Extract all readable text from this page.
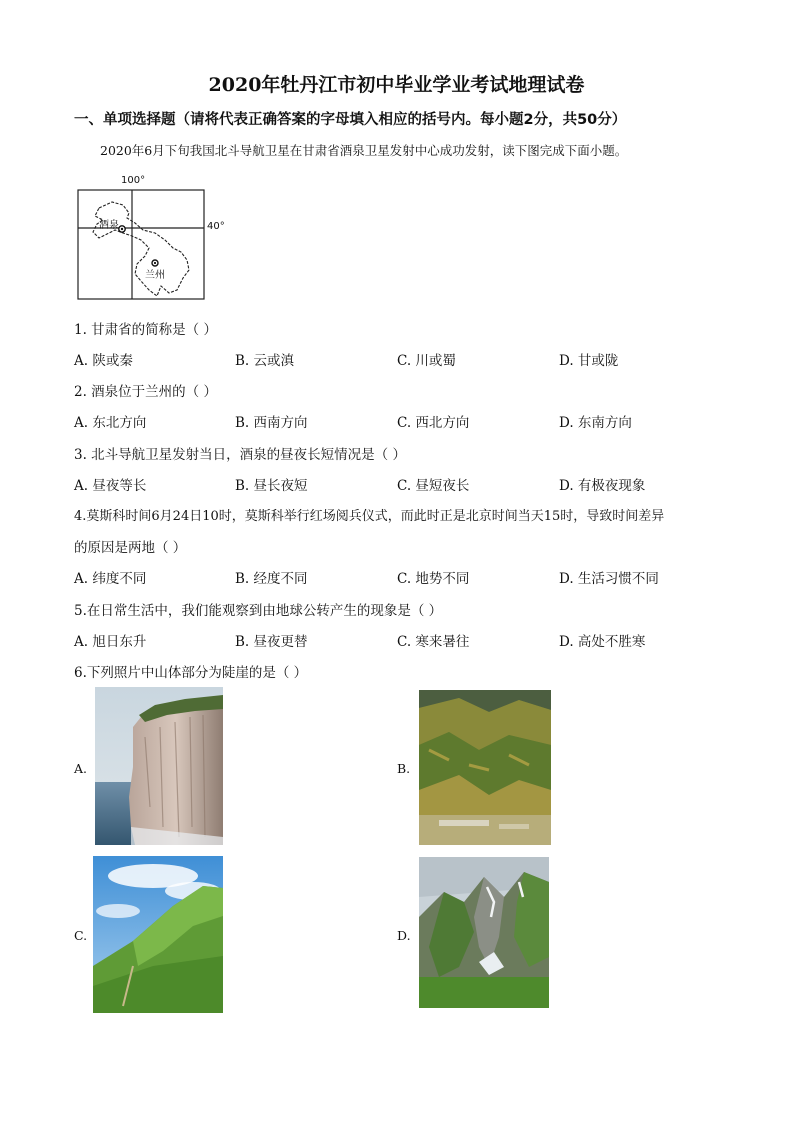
2020年牡丹江市初中毕业学业考试地理试卷
一、单项选择题（请将代表正确答案的字母填入相应的括号内。每小题2分，共50分）
2020年6月下旬我国北斗导航卫星在甘肃省酒泉卫星发射中心成功发射，读下图完成下面小题。
100°
40°
酒泉
兰州
1. 甘肃省的简称是（ ）
A. 陕或秦	B. 云或滇	C. 川或蜀	D. 甘或陇
2. 酒泉位于兰州的（ ）
A. 东北方向	B. 西南方向	C. 西北方向	D. 东南方向
3. 北斗导航卫星发射当日，酒泉的昼夜长短情况是（ ）
A. 昼夜等长	B. 昼长夜短	C. 昼短夜长	D. 有极夜现象
4.莫斯科时间6月24日10时，莫斯科举行红场阅兵仪式，而此时正是北京时间当天15时，导致时间差异
的原因是两地（ ）
A. 纬度不同	B. 经度不同	C. 地势不同	D. 生活习惯不同
5.在日常生活中，我们能观察到由地球公转产生的现象是（ ）
A. 旭日东升	B. 昼夜更替	C. 寒来暑往	D. 高处不胜寒
6.下列照片中山体部分为陡崖的是（ ）
A.	B.
C.	D.
